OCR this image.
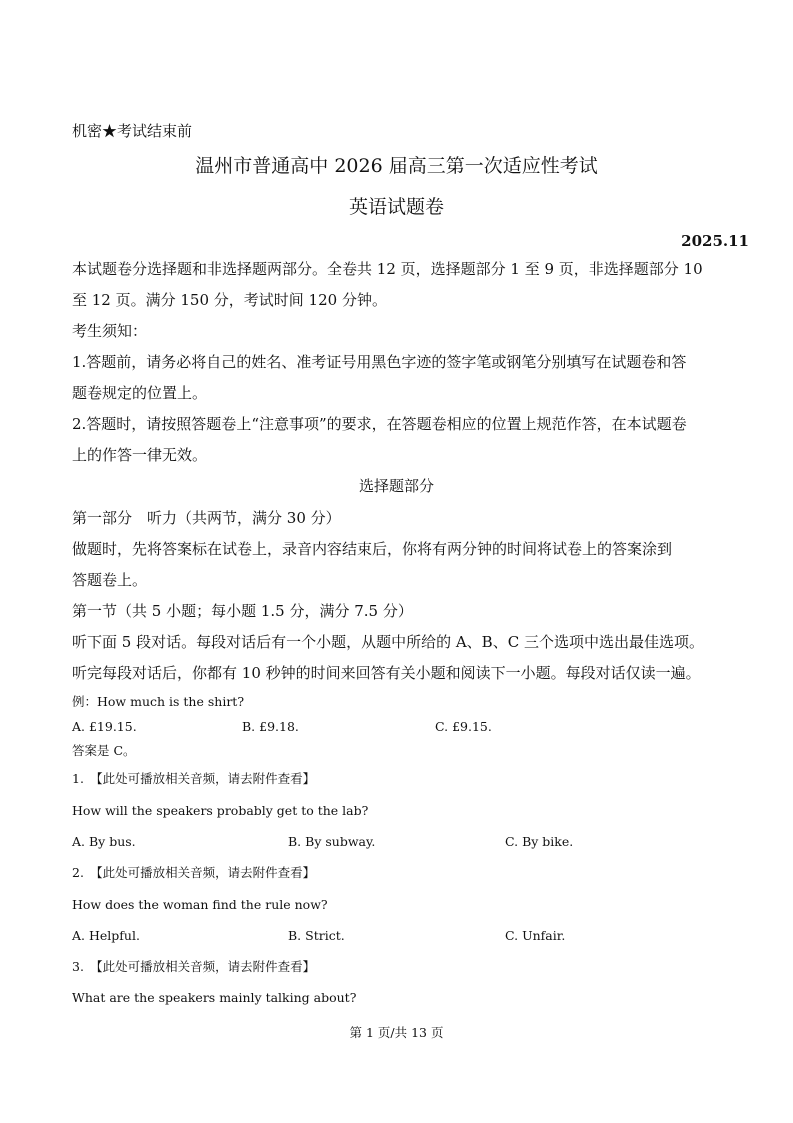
机密★考试结束前
温州市普通高中 2026 届高三第一次适应性考试
英语试题卷
2025.11
本试题卷分选择题和非选择题两部分。全卷共 12 页，选择题部分 1 至 9 页，非选择题部分 10
至 12 页。满分 150 分，考试时间 120 分钟。
考生须知：
1.答题前，请务必将自己的姓名、准考证号用黑色字迹的签字笔或钢笔分别填写在试题卷和答
题卷规定的位置上。
2.答题时，请按照答题卷上“注意事项”的要求，在答题卷相应的位置上规范作答，在本试题卷
上的作答一律无效。
选择题部分
第一部分　听力（共两节，满分 30 分）
做题时，先将答案标在试卷上，录音内容结束后，你将有两分钟的时间将试卷上的答案涂到
答题卷上。
第一节（共 5 小题；每小题 1.5 分，满分 7.5 分）
听下面 5 段对话。每段对话后有一个小题，从题中所给的 A、B、C 三个选项中选出最佳选项。
听完每段对话后，你都有 10 秒钟的时间来回答有关小题和阅读下一小题。每段对话仅读一遍。
例：How much is the shirt?
A. £19.15.	B. £9.18.	C. £9.15.
答案是 C。
1.　【此处可播放相关音频，请去附件查看】
How will the speakers probably get to the lab?
A. By bus.	B. By subway.	C. By bike.
2.　【此处可播放相关音频，请去附件查看】
How does the woman find the rule now?
A. Helpful.	B. Strict.	C. Unfair.
3.　【此处可播放相关音频，请去附件查看】
What are the speakers mainly talking about?
第 1 页/共 13 页
